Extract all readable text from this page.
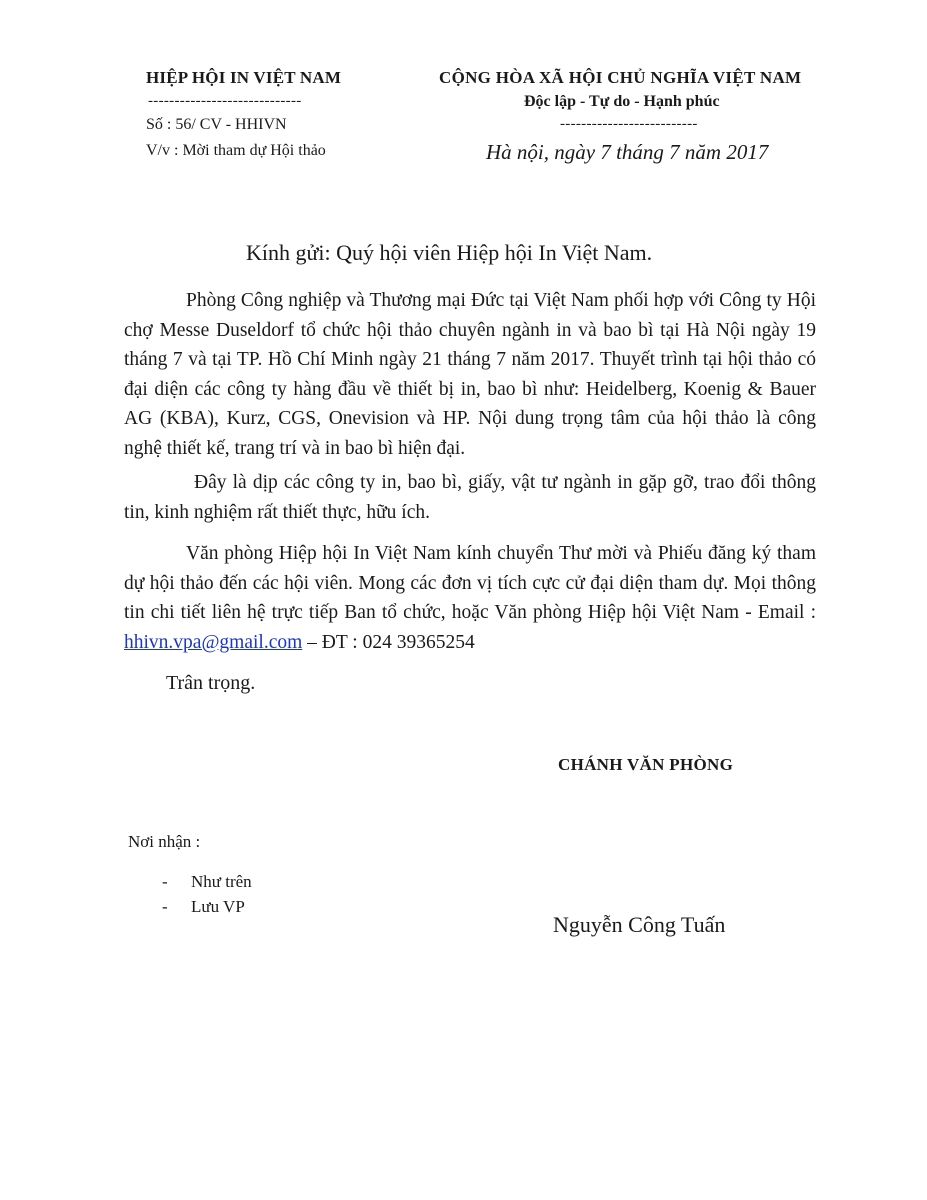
HIỆP HỘI IN VIỆT NAM
-----------------------------
Số : 56/ CV - HHIVN
V/v : Mời tham dự Hội thảo
CỘNG HÒA XÃ HỘI CHỦ NGHĨA VIỆT NAM
Độc lập - Tự do - Hạnh phúc
--------------------------
Hà nội, ngày 7 tháng 7 năm 2017
Kính gửi: Quý hội viên Hiệp hội In Việt Nam.

Phòng Công nghiệp và Thương mại Đức tại Việt Nam phối hợp với Công ty Hội chợ Messe Duseldorf tổ chức hội thảo chuyên ngành in và bao bì tại Hà Nội ngày 19 tháng 7 và tại TP. Hồ Chí Minh ngày 21 tháng 7 năm 2017. Thuyết trình tại hội thảo có đại diện các công ty hàng đầu về thiết bị in, bao bì như: Heidelberg, Koenig & Bauer AG (KBA), Kurz, CGS, Onevision và HP. Nội dung trọng tâm của hội thảo là công nghệ thiết kế, trang trí và in bao bì hiện đại.

Đây là dịp các công ty in, bao bì, giấy, vật tư ngành in gặp gỡ, trao đổi thông tin, kinh nghiệm rất thiết thực, hữu ích.

Văn phòng Hiệp hội In Việt Nam kính chuyển Thư mời và Phiếu đăng ký tham dự hội thảo đến các hội viên. Mong các đơn vị tích cực cử đại diện tham dự. Mọi thông tin chi tiết liên hệ trực tiếp Ban tổ chức, hoặc Văn phòng Hiệp hội Việt Nam - Email : hhivn.vpa@gmail.com – ĐT : 024 39365254

Trân trọng.
CHÁNH VĂN PHÒNG
Nguyễn Công Tuấn
Nơi nhận :
- Như trên
- Lưu VP
